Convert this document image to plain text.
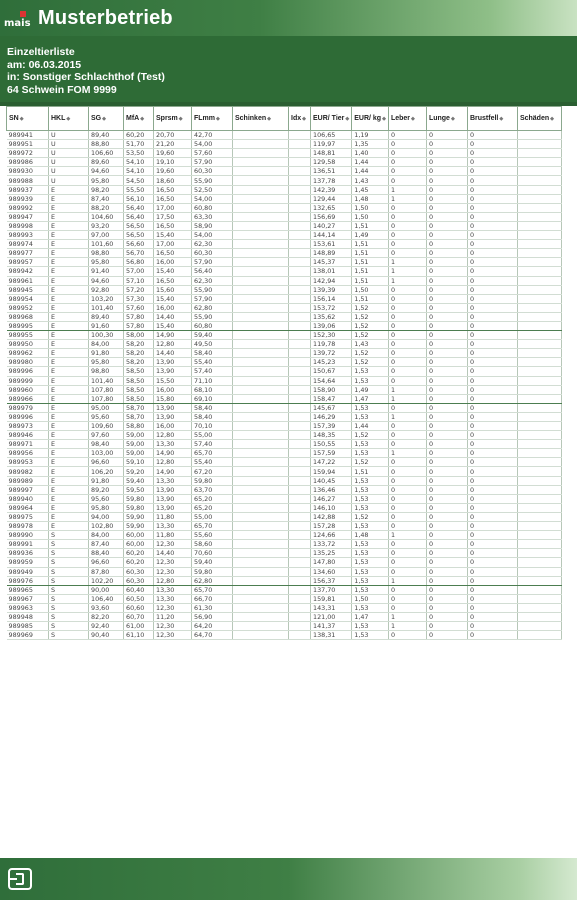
mais Musterbetrieb
Einzeltierliste
am: 06.03.2015
in: Sonstiger Schlachthof (Test)
64 Schwein FOM 9999
SN◆	HKL◆	SG◆	MfA◆	Sprsm◆	FLmm◆	Schinken◆	Idx◆	EUR/ Tier◆	EUR/ kg◆	Leber◆	Lunge◆	Brustfell◆	Schäden◆
989941	U	89,40	60,20	20,70	42,70			106,65	1,19	0	0	0	
989951	U	88,80	51,70	21,20	54,00			119,97	1,35	0	0	0	
989972	U	106,60	53,50	19,60	57,60			148,81	1,40	0	0	0	
989986	U	89,60	54,10	19,10	57,90			129,58	1,44	0	0	0	
989930	U	94,60	54,10	19,60	60,30			136,51	1,44	0	0	0	
989988	U	95,80	54,50	18,60	55,90			137,78	1,43	0	0	0	
989937	E	98,20	55,50	16,50	52,50			142,39	1,45	1	0	0	
989939	E	87,40	56,10	16,50	54,00			129,44	1,48	1	0	0	
989992	E	88,20	56,40	17,00	60,80			132,65	1,50	0	0	0	
989947	E	104,60	56,40	17,50	63,30			156,69	1,50	0	0	0	
989998	E	93,20	56,50	16,50	58,90			140,27	1,51	0	0	0	
989993	E	97,00	56,50	15,40	54,00			144,14	1,49	0	0	0	
989974	E	101,60	56,60	17,00	62,30			153,61	1,51	0	0	0	
989977	E	98,80	56,70	16,50	60,30			148,89	1,51	0	0	0	
989957	E	95,80	56,80	16,00	57,90			145,37	1,51	1	0	0	
989942	E	91,40	57,00	15,40	56,40			138,01	1,51	1	0	0	
989961	E	94,60	57,10	16,50	62,30			142,94	1,51	1	0	0	
989945	E	92,80	57,20	15,60	55,90			139,39	1,50	0	0	0	
989954	E	103,20	57,30	15,40	57,90			156,14	1,51	0	0	0	
989952	E	101,40	57,60	16,00	62,80			153,72	1,52	0	0	0	
989968	E	89,40	57,80	14,40	55,90			135,62	1,52	0	0	0	
989995	E	91,60	57,80	15,40	60,80			139,06	1,52	0	0	0	
989955	E	100,30	58,00	14,90	59,40			152,30	1,52	0	0	0	
989950	E	84,00	58,20	12,80	49,50			119,78	1,43	0	0	0	
989962	E	91,80	58,20	14,40	58,40			139,72	1,52	0	0	0	
989980	E	95,80	58,20	13,90	55,40			145,23	1,52	0	0	0	
989996	E	98,80	58,50	13,90	57,40			150,67	1,53	0	0	0	
989999	E	101,40	58,50	15,50	71,10			154,64	1,53	0	0	0	
989960	E	107,80	58,50	16,00	68,10			158,90	1,49	1	0	0	
989966	E	107,80	58,50	15,80	69,10			158,47	1,47	1	0	0	
989979	E	95,00	58,70	13,90	58,40			145,67	1,53	0	0	0	
989996	E	95,60	58,70	13,90	58,40			146,29	1,53	1	0	0	
989973	E	109,60	58,80	16,00	70,10			157,39	1,44	0	0	0	
989946	E	97,60	59,00	12,80	55,00			148,35	1,52	0	0	0	
989971	E	98,40	59,00	13,30	57,40			150,55	1,53	0	0	0	
989956	E	103,00	59,00	14,90	65,70			157,59	1,53	1	0	0	
989953	E	96,60	59,10	12,80	55,40			147,22	1,52	0	0	0	
989982	E	106,20	59,20	14,90	67,20			159,94	1,51	0	0	0	
989989	E	91,80	59,40	13,30	59,80			140,45	1,53	0	0	0	
989997	E	89,20	59,50	13,90	63,70			136,46	1,53	0	0	0	
989940	E	95,60	59,80	13,90	65,20			146,27	1,53	0	0	0	
989964	E	95,80	59,80	13,90	65,20			146,10	1,53	0	0	0	
989975	E	94,00	59,90	11,80	55,00			142,88	1,52	0	0	0	
989978	E	102,80	59,90	13,30	65,70			157,28	1,53	0	0	0	
989990	S	84,00	60,00	11,80	55,60			124,66	1,48	1	0	0	
989991	S	87,40	60,00	12,30	58,60			133,72	1,53	0	0	0	
989936	S	88,40	60,20	14,40	70,60			135,25	1,53	0	0	0	
989959	S	96,60	60,20	12,30	59,40			147,80	1,53	0	0	0	
989949	S	87,80	60,30	12,30	59,80			134,60	1,53	0	0	0	
989976	S	102,20	60,30	12,80	62,80			156,37	1,53	1	0	0	
989965	S	90,00	60,40	13,30	65,70			137,70	1,53	0	0	0	
989967	S	106,40	60,50	13,30	66,70			159,81	1,50	0	0	0	
989963	S	93,60	60,60	12,30	61,30			143,31	1,53	0	0	0	
989948	S	82,20	60,70	11,20	56,90			121,00	1,47	1	0	0	
989985	S	92,40	61,00	12,30	64,20			141,37	1,53	1	0	0	
989969	S	90,40	61,10	12,30	64,70			138,31	1,53	0	0	0	
